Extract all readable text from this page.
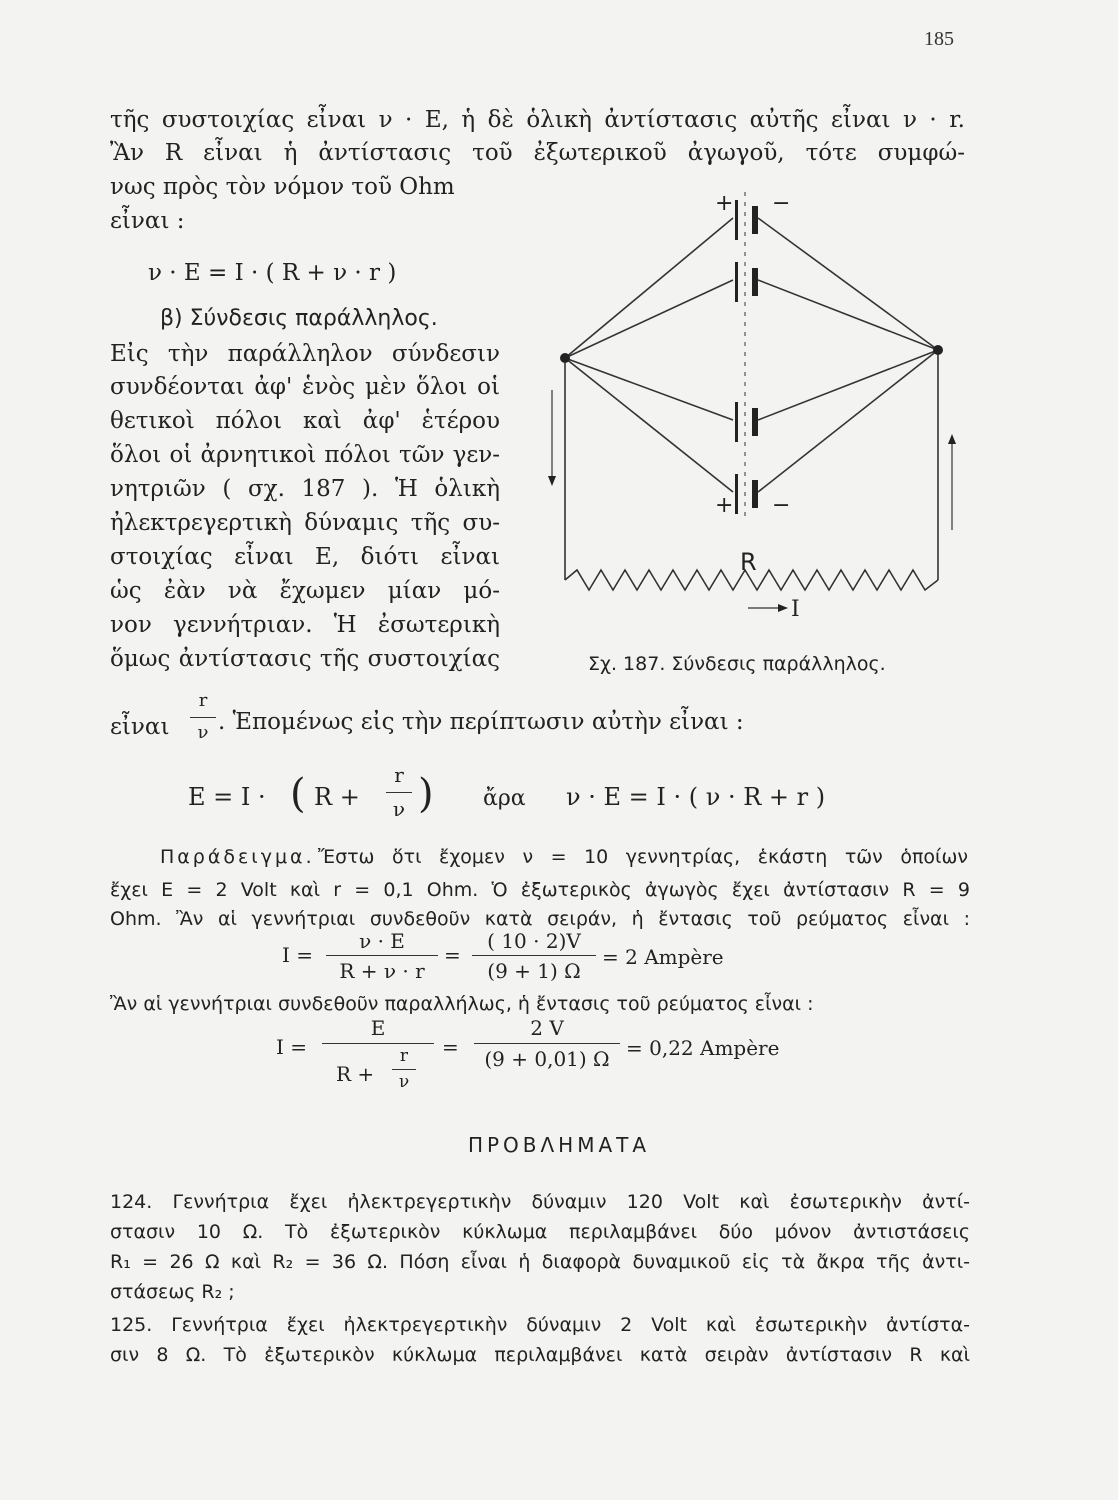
185
τῆς συστοιχίας εἶναι ν · E, ἡ δὲ ὁλικὴ ἀντίστασις αὐτῆς εἶναι ν · r.
Ἂν R εἶναι ἡ ἀντίστασις τοῦ ἐξωτερικοῦ ἀγωγοῦ, τότε συμφώ-
νως πρὸς τὸν νόμον τοῦ Ohm
εἶναι :
ν · E = I · ( R + ν · r )
β) Σύνδεσις παράλληλος.
Εἰς τὴν παράλληλον σύνδεσιν
συνδέονται ἀφ' ἑνὸς μὲν ὅλοι οἱ
θετικοὶ πόλοι καὶ ἀφ' ἑτέρου
ὅλοι οἱ ἀρνητικοὶ πόλοι τῶν γεν-
νητριῶν ( σχ. 187 ). Ἡ ὁλικὴ
ἠλεκτρεγερτικὴ δύναμις τῆς συ-
στοιχίας εἶναι E, διότι εἶναι
ὡς ἐὰν νὰ ἔχωμεν μίαν μό-
νον γεννήτριαν. Ἡ ἐσωτερικὴ
ὅμως ἀντίστασις τῆς συστοιχίας
εἶναι
r
ν . Ἑπομένως εἰς τὴν περίπτωσιν αὐτὴν εἶναι :
E = I · ( R +
r
ν ) ἄρα ν · E = I · ( ν · R + r )
+ −
+ −
R
I
Σχ. 187. Σύνδεσις παράλληλος.
Παράδειγμα. Ἔστω ὅτι ἔχομεν ν = 10 γεννητρίας, ἑκάστη τῶν ὁποίων
ἔχει E = 2 Volt καὶ r = 0,1 Ohm. Ὁ ἐξωτερικὸς ἀγωγὸς ἔχει ἀντίστασιν R = 9
Ohm. Ἂν αἱ γεννήτριαι συνδεθοῦν κατὰ σειράν, ἡ ἔντασις τοῦ ρεύματος εἶναι :
I =
ν · E
R + ν · r
=
( 10 · 2)V
(9 + 1) Ω
= 2 Ampère
Ἂν αἱ γεννήτριαι συνδεθοῦν παραλλήλως, ἡ ἔντασις τοῦ ρεύματος εἶναι :
I =
E
R +
r
ν
=
2 V
(9 + 0,01) Ω = 0,22 Ampère
ΠΡΟΒΛΗΜΑΤΑ
124. Γεννήτρια ἔχει ἠλεκτρεγερτικὴν δύναμιν 120 Volt καὶ ἐσωτερικὴν ἀντί-
στασιν 10 Ω. Τὸ ἐξωτερικὸν κύκλωμα περιλαμβάνει δύο μόνον ἀντιστάσεις
R₁ = 26 Ω καὶ R₂ = 36 Ω. Πόση εἶναι ἡ διαφορὰ δυναμικοῦ εἰς τὰ ἄκρα τῆς ἀντι-
στάσεως R₂ ;
125. Γεννήτρια ἔχει ἠλεκτρεγερτικὴν δύναμιν 2 Volt καὶ ἐσωτερικὴν ἀντίστα-
σιν 8 Ω. Τὸ ἐξωτερικὸν κύκλωμα περιλαμβάνει κατὰ σειρὰν ἀντίστασιν R καὶ
